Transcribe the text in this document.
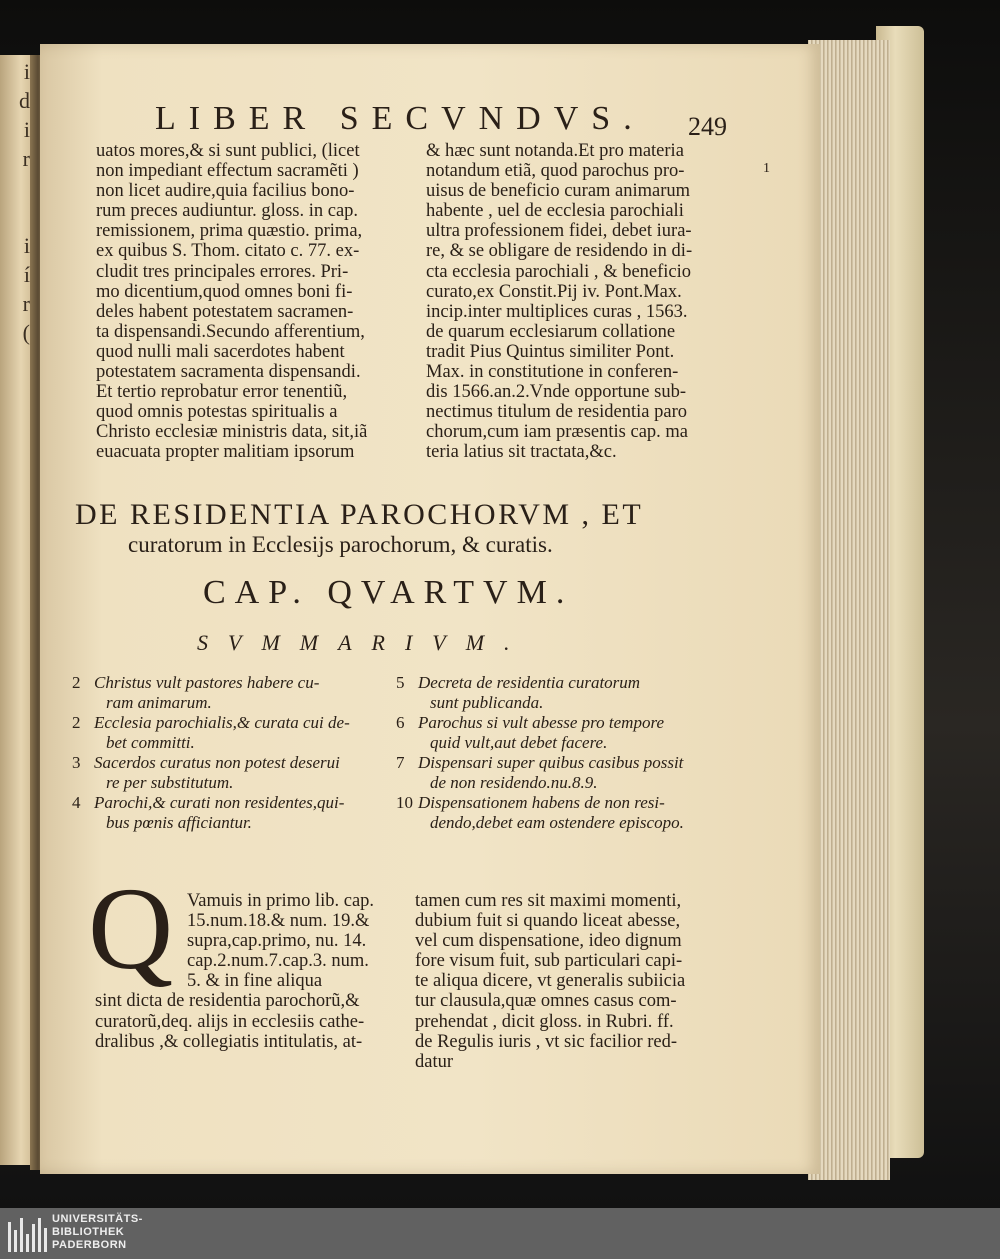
i
d
i
r
i
í
r
(
LIBER SECVNDVS. 249
uatos mores,& si sunt publici, (licet
non impediant effectum sacramẽti )
non licet audire,quia facilius bono-
rum preces audiuntur. gloss. in cap.
remissionem, prima quæstio. prima,
ex quibus S. Thom. citato c. 77. ex-
cludit tres principales errores. Pri-
mo dicentium,quod omnes boni fi-
deles habent potestatem sacramen-
ta dispensandi.Secundo afferentium,
quod nulli mali sacerdotes habent
potestatem sacramenta dispensandi.
Et tertio reprobatur error tenentiũ,
quod omnis potestas spiritualis a
Christo ecclesiæ ministris data, sit,iã
euacuata propter malitiam ipsorum
& hæc sunt notanda.Et pro materia
notandum etiã, quod parochus pro-
uisus de beneficio curam animarum
habente , uel de ecclesia parochiali
ultra professionem fidei, debet iura-
re, & se obligare de residendo in di-
cta ecclesia parochiali , & beneficio
curato,ex Constit.Pij iv. Pont.Max.
incip.inter multiplices curas , 1563.
de quarum ecclesiarum collatione
tradit Pius Quintus similiter Pont.
Max. in constitutione in conferen-
dis 1566.an.2.Vnde opportune sub-
nectimus titulum de residentia paro
chorum,cum iam præsentis cap. ma
teria latius sit tractata,&c.
1
DE RESIDENTIA PAROCHORVM , ET
curatorum in Ecclesijs parochorum, & curatis.
CAP. QVARTVM.
SVMMARIVM.
2 Christus vult pastores habere cu-
ram animarum.
2 Ecclesia parochialis,& curata cui de-
bet committi.
3 Sacerdos curatus non potest deserui
re per substitutum.
4 Parochi,& curati non residentes,qui-
bus pœnis afficiantur.
5 Decreta de residentia curatorum
sunt publicanda.
6 Parochus si vult abesse pro tempore
quid vult,aut debet facere.
7 Dispensari super quibus casibus possit
de non residendo.nu.8.9.
10 Dispensationem habens de non resi-
dendo,debet eam ostendere episcopo.
Q Vamuis in primo lib. cap.
15.num.18.& num. 19.&
supra,cap.primo, nu. 14.
cap.2.num.7.cap.3. num.
5. & in fine aliqua
sint dicta de residentia parochorũ,&
curatorũ,deq. alijs in ecclesiis cathe-
dralibus ,& collegiatis intitulatis, at-
tamen cum res sit maximi momenti,
dubium fuit si quando liceat abesse,
vel cum dispensatione, ideo dignum
fore visum fuit, sub particulari capi-
te aliqua dicere, vt generalis subiicia
tur clausula,quæ omnes casus com-
prehendat , dicit gloss. in Rubri. ff.
de Regulis iuris , vt sic facilior red-
datur
UNIVERSITÄTS-
BIBLIOTHEK
PADERBORN
